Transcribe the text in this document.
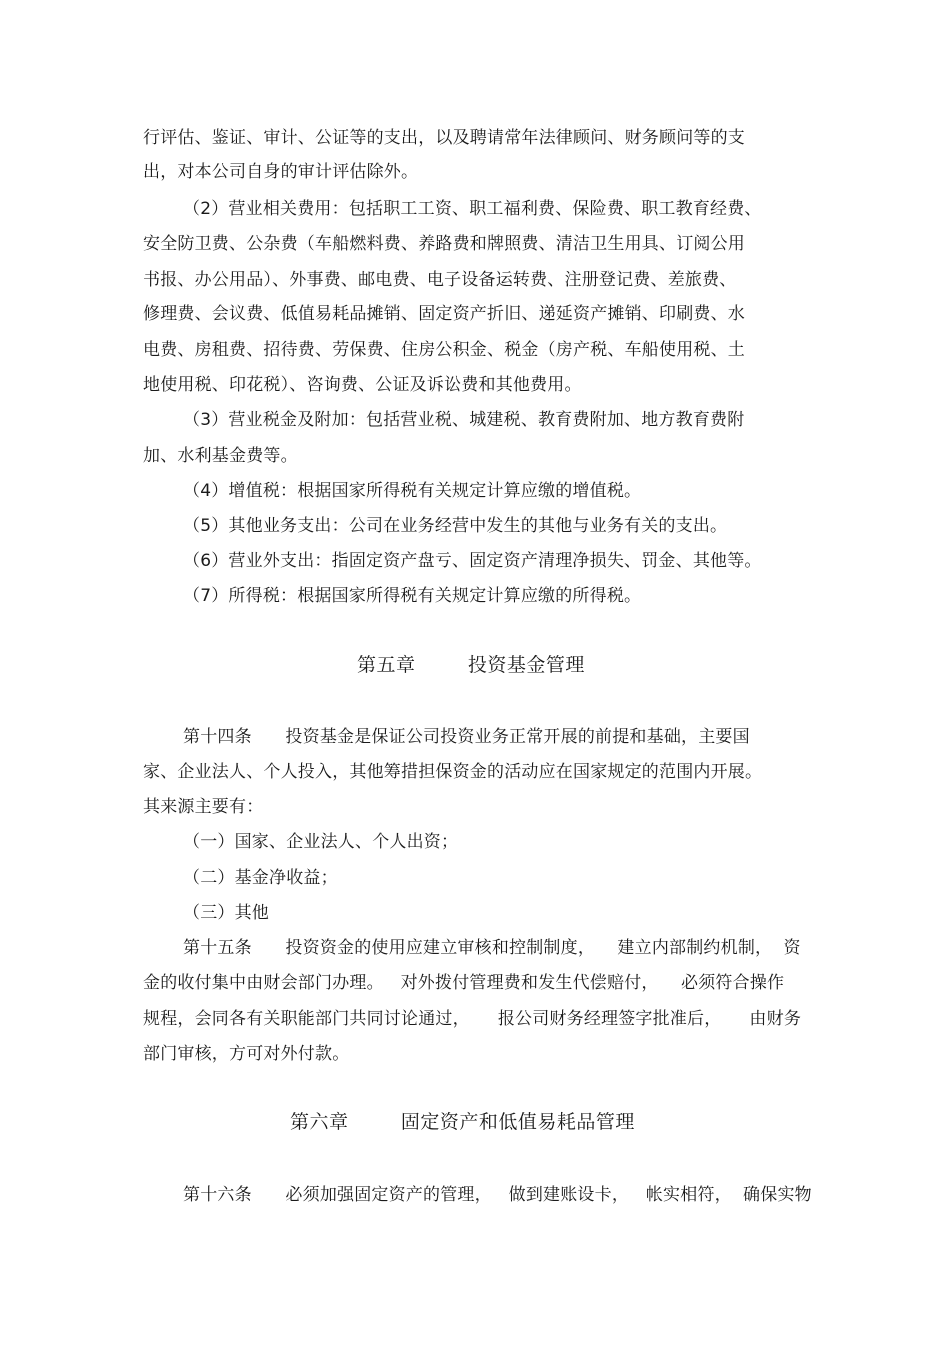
行评估、鉴证、审计、公证等的支出，以及聘请常年法律顾问、财务顾问等的支
出，对本公司自身的审计评估除外。
（2）营业相关费用：包括职工工资、职工福利费、保险费、职工教育经费、
安全防卫费、公杂费（车船燃料费、养路费和牌照费、清洁卫生用具、订阅公用
书报、办公用品）、外事费、邮电费、电子设备运转费、注册登记费、差旅费、
修理费、会议费、低值易耗品摊销、固定资产折旧、递延资产摊销、印刷费、水
电费、房租费、招待费、劳保费、住房公积金、税金（房产税、车船使用税、土
地使用税、印花税）、咨询费、公证及诉讼费和其他费用。
（3）营业税金及附加：包括营业税、城建税、教育费附加、地方教育费附
加、水利基金费等。
（4）增值税：根据国家所得税有关规定计算应缴的增值税。
（5）其他业务支出：公司在业务经营中发生的其他与业务有关的支出。
（6）营业外支出：指固定资产盘亏、固定资产清理净损失、罚金、其他等。
（7）所得税：根据国家所得税有关规定计算应缴的所得税。
第五章        投资基金管理
第十四条      投资基金是保证公司投资业务正常开展的前提和基础，主要国
家、企业法人、个人投入，其他筹措担保资金的活动应在国家规定的范围内开展。
其来源主要有：
（一）国家、企业法人、个人出资；
（二）基金净收益；
（三）其他
第十五条      投资资金的使用应建立审核和控制制度，    建立内部制约机制，  资
金的收付集中由财会部门办理。   对外拨付管理费和发生代偿赔付，    必须符合操作
规程，会同各有关职能部门共同讨论通过，     报公司财务经理签字批准后，     由财务
部门审核，方可对外付款。
第六章        固定资产和低值易耗品管理
第十六条      必须加强固定资产的管理，   做到建账设卡，   帐实相符，  确保实物
